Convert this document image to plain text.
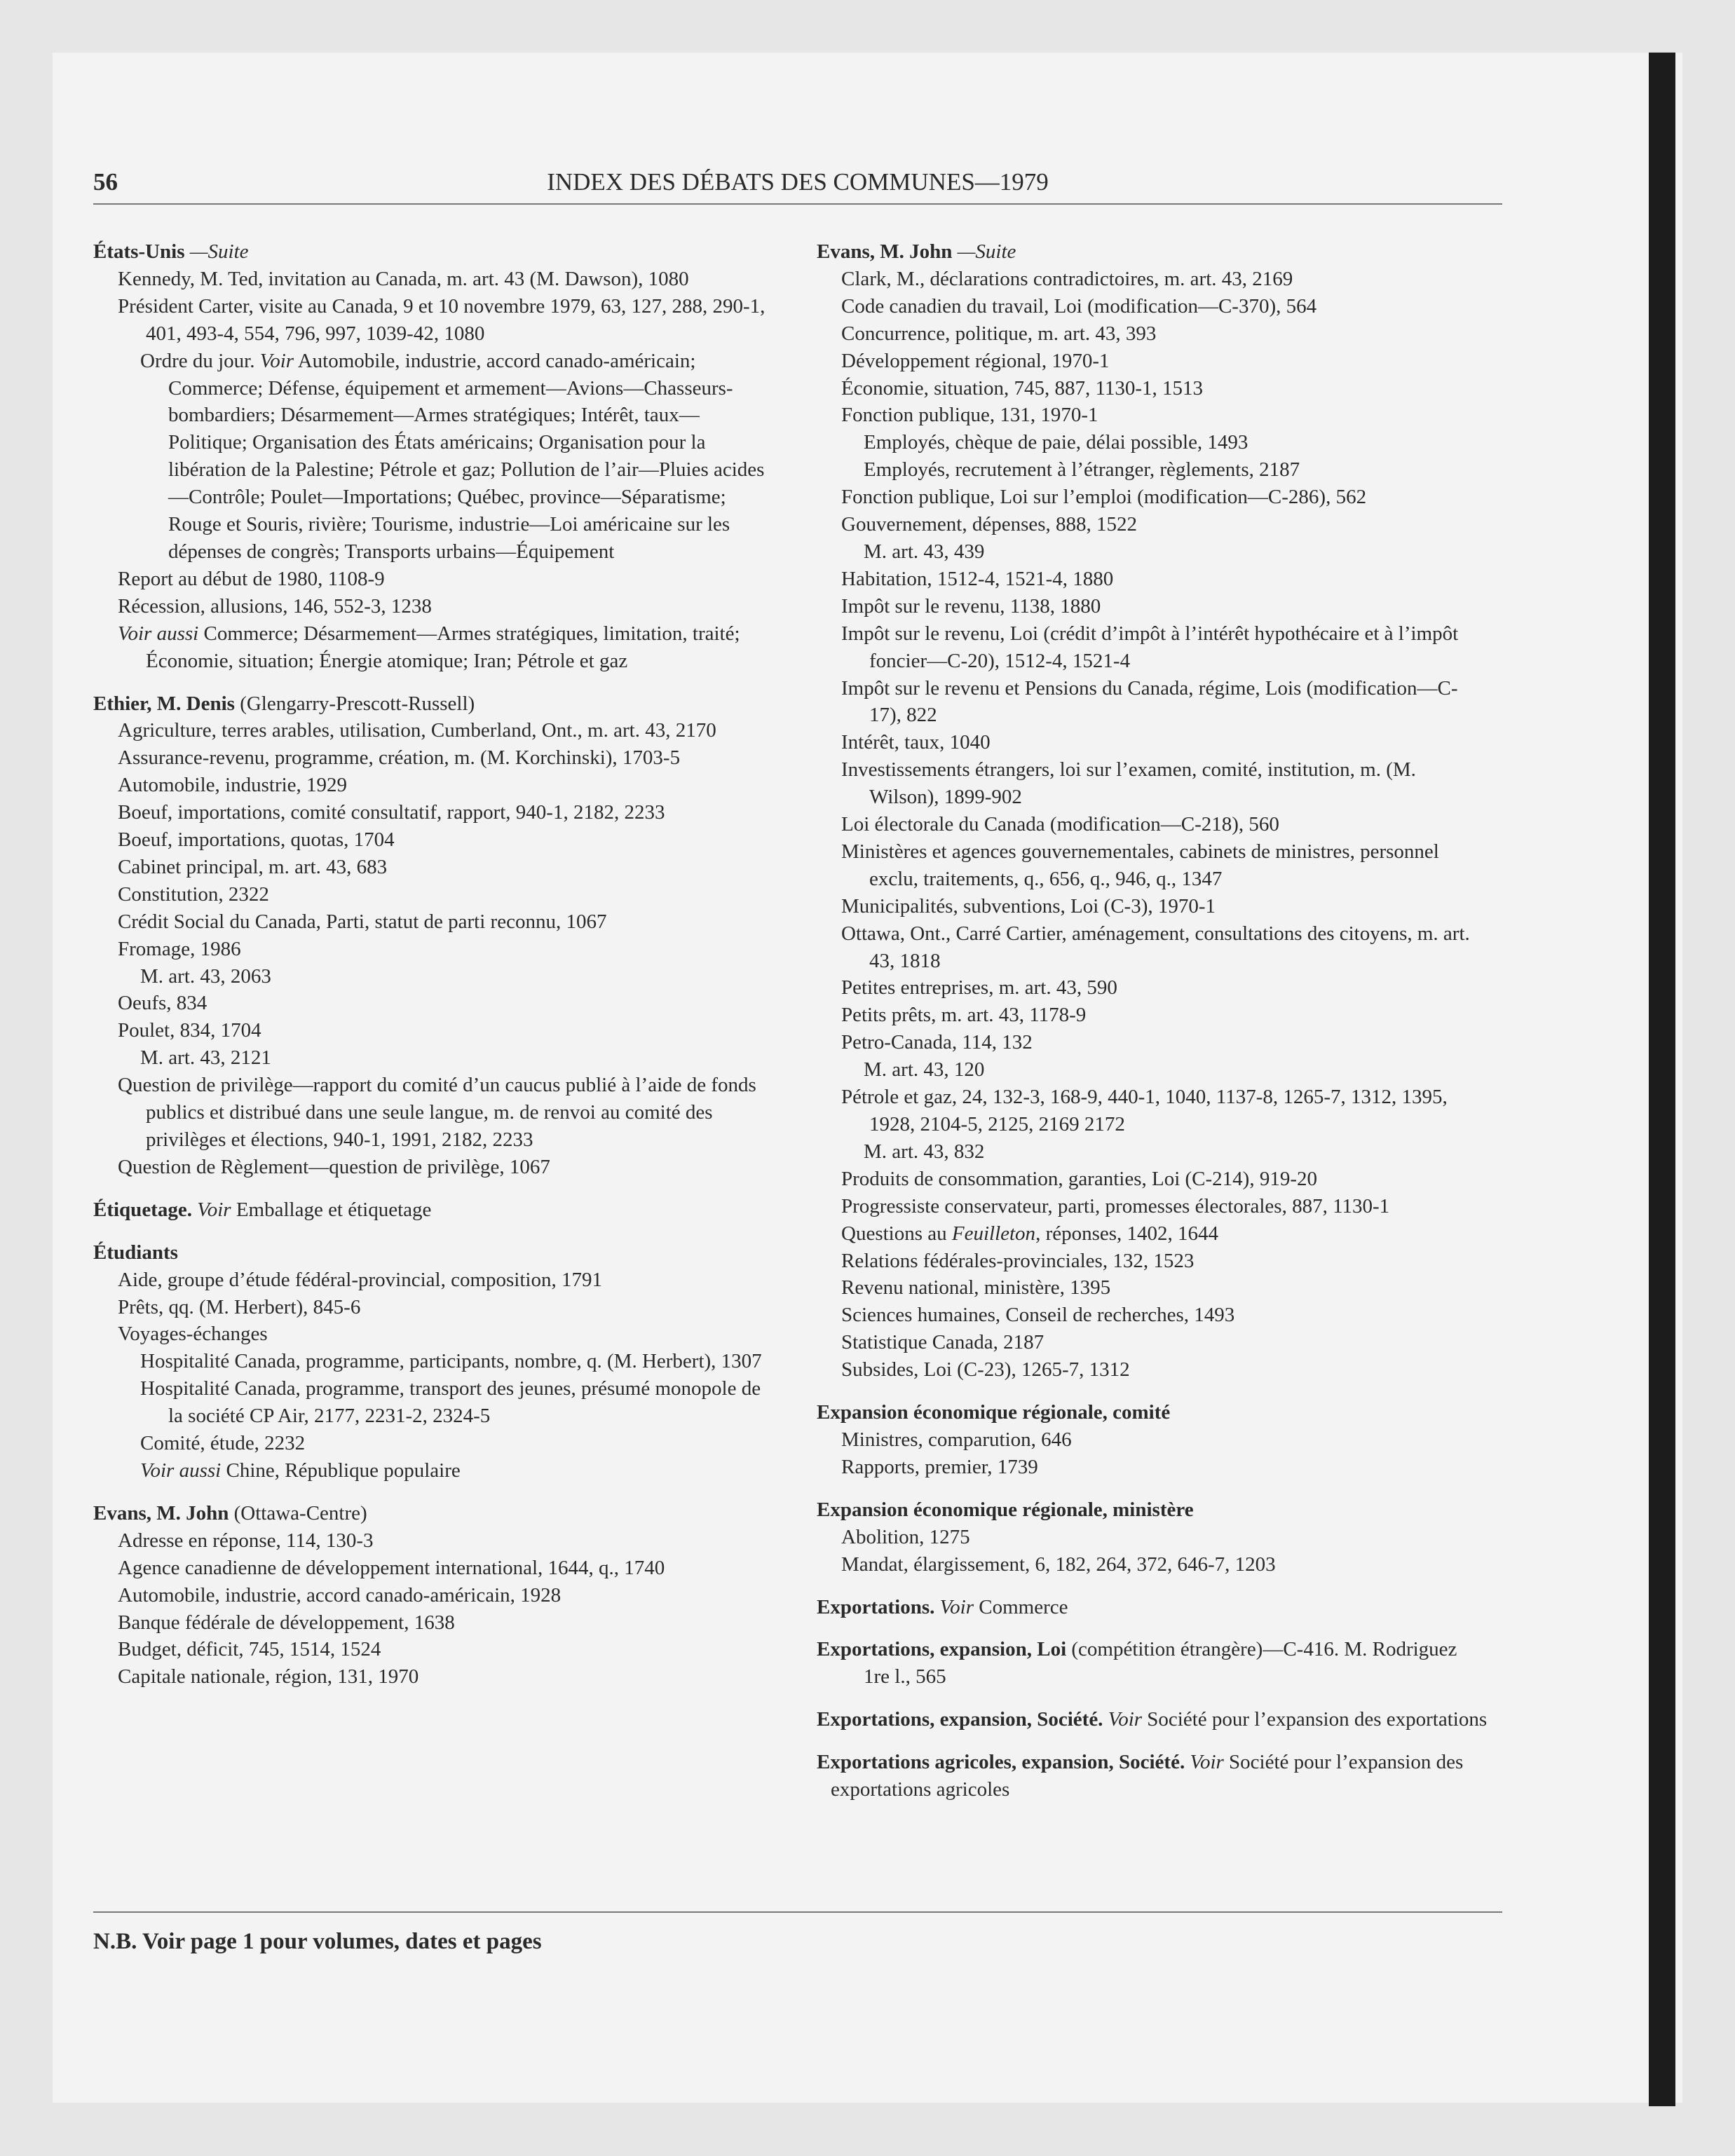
56	INDEX DES DÉBATS DES COMMUNES—1979
États-Unis —Suite
Kennedy, M. Ted, invitation au Canada, m. art. 43 (M. Dawson), 1080
Président Carter, visite au Canada, 9 et 10 novembre 1979, 63, 127, 288, 290-1, 401, 493-4, 554, 796, 997, 1039-42, 1080
Ordre du jour. Voir Automobile, industrie, accord canado-américain; Commerce; Défense, équipement et armement—Avions—Chasseurs-bombardiers; Désarmement—Armes stratégiques; Intérêt, taux—Politique; Organisation des États américains; Organisation pour la libération de la Palestine; Pétrole et gaz; Pollution de l’air—Pluies acides—Contrôle; Poulet—Importations; Québec, province—Séparatisme; Rouge et Souris, rivière; Tourisme, industrie—Loi américaine sur les dépenses de congrès; Transports urbains—Équipement
Report au début de 1980, 1108-9
Récession, allusions, 146, 552-3, 1238
Voir aussi Commerce; Désarmement—Armes stratégiques, limitation, traité; Économie, situation; Énergie atomique; Iran; Pétrole et gaz
Ethier, M. Denis (Glengarry-Prescott-Russell)
Agriculture, terres arables, utilisation, Cumberland, Ont., m. art. 43, 2170
Assurance-revenu, programme, création, m. (M. Korchinski), 1703-5
Automobile, industrie, 1929
Boeuf, importations, comité consultatif, rapport, 940-1, 2182, 2233
Boeuf, importations, quotas, 1704
Cabinet principal, m. art. 43, 683
Constitution, 2322
Crédit Social du Canada, Parti, statut de parti reconnu, 1067
Fromage, 1986
M. art. 43, 2063
Oeufs, 834
Poulet, 834, 1704
M. art. 43, 2121
Question de privilège—rapport du comité d’un caucus publié à l’aide de fonds publics et distribué dans une seule langue, m. de renvoi au comité des privilèges et élections, 940-1, 1991, 2182, 2233
Question de Règlement—question de privilège, 1067
Étiquetage. Voir Emballage et étiquetage
Étudiants
Aide, groupe d’étude fédéral-provincial, composition, 1791
Prêts, qq. (M. Herbert), 845-6
Voyages-échanges
Hospitalité Canada, programme, participants, nombre, q. (M. Herbert), 1307
Hospitalité Canada, programme, transport des jeunes, présumé monopole de la société CP Air, 2177, 2231-2, 2324-5
Comité, étude, 2232
Voir aussi Chine, République populaire
Evans, M. John (Ottawa-Centre)
Adresse en réponse, 114, 130-3
Agence canadienne de développement international, 1644, q., 1740
Automobile, industrie, accord canado-américain, 1928
Banque fédérale de développement, 1638
Budget, déficit, 745, 1514, 1524
Capitale nationale, région, 131, 1970
Evans, M. John —Suite
Clark, M., déclarations contradictoires, m. art. 43, 2169
Code canadien du travail, Loi (modification—C-370), 564
Concurrence, politique, m. art. 43, 393
Développement régional, 1970-1
Économie, situation, 745, 887, 1130-1, 1513
Fonction publique, 131, 1970-1
Employés, chèque de paie, délai possible, 1493
Employés, recrutement à l’étranger, règlements, 2187
Fonction publique, Loi sur l’emploi (modification—C-286), 562
Gouvernement, dépenses, 888, 1522
M. art. 43, 439
Habitation, 1512-4, 1521-4, 1880
Impôt sur le revenu, 1138, 1880
Impôt sur le revenu, Loi (crédit d’impôt à l’intérêt hypothécaire et à l’impôt foncier—C-20), 1512-4, 1521-4
Impôt sur le revenu et Pensions du Canada, régime, Lois (modification—C-17), 822
Intérêt, taux, 1040
Investissements étrangers, loi sur l’examen, comité, institution, m. (M. Wilson), 1899-902
Loi électorale du Canada (modification—C-218), 560
Ministères et agences gouvernementales, cabinets de ministres, personnel exclu, traitements, q., 656, q., 946, q., 1347
Municipalités, subventions, Loi (C-3), 1970-1
Ottawa, Ont., Carré Cartier, aménagement, consultations des citoyens, m. art. 43, 1818
Petites entreprises, m. art. 43, 590
Petits prêts, m. art. 43, 1178-9
Petro-Canada, 114, 132
M. art. 43, 120
Pétrole et gaz, 24, 132-3, 168-9, 440-1, 1040, 1137-8, 1265-7, 1312, 1395, 1928, 2104-5, 2125, 2169 2172
M. art. 43, 832
Produits de consommation, garanties, Loi (C-214), 919-20
Progressiste conservateur, parti, promesses électorales, 887, 1130-1
Questions au Feuilleton, réponses, 1402, 1644
Relations fédérales-provinciales, 132, 1523
Revenu national, ministère, 1395
Sciences humaines, Conseil de recherches, 1493
Statistique Canada, 2187
Subsides, Loi (C-23), 1265-7, 1312
Expansion économique régionale, comité
Ministres, comparution, 646
Rapports, premier, 1739
Expansion économique régionale, ministère
Abolition, 1275
Mandat, élargissement, 6, 182, 264, 372, 646-7, 1203
Exportations. Voir Commerce
Exportations, expansion, Loi (compétition étrangère)—C-416. M. Rodriguez
1re l., 565
Exportations, expansion, Société. Voir Société pour l’expansion des exportations
Exportations agricoles, expansion, Société. Voir Société pour l’expansion des exportations agricoles
N.B. Voir page 1 pour volumes, dates et pages
